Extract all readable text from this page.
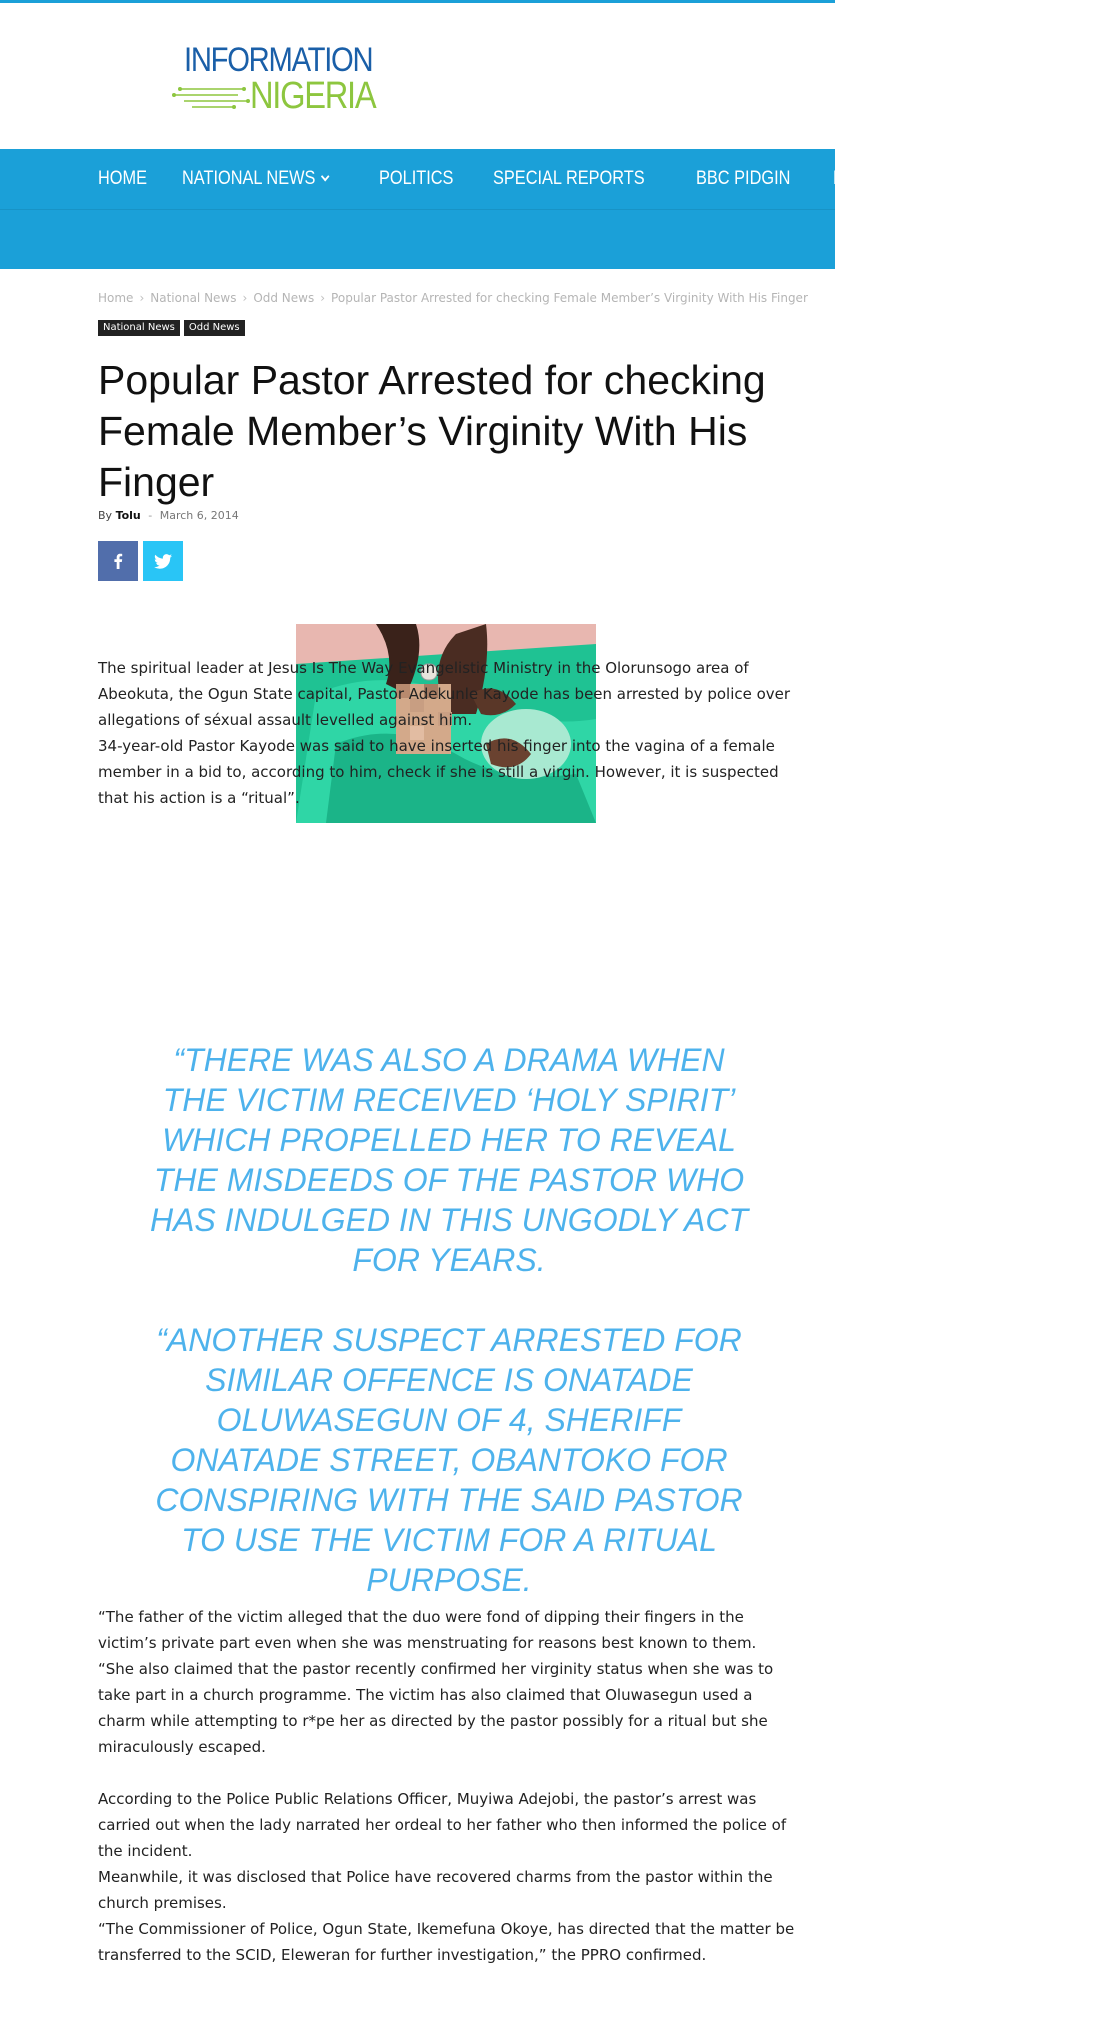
INFORMATION
NIGERIA
HOME NATIONAL NEWS	POLITICS SPECIAL REPORTS	BBC PIDGIN METRO NEWS	SPORTS
Home › National News › Odd News › Popular Pastor Arrested for checking Female Member’s Virginity With His Finger
National News	Odd News
Popular Pastor Arrested for checking Female Member’s Virginity With His Finger
By Tolu - March 6, 2014

The spiritual leader at Jesus Is The Way Evangelistic Ministry in the Olorunsogo area of Abeokuta, the Ogun State capital, Pastor Adekunle Kayode has been arrested by police over allegations of séxual assault levelled against him.

34-year-old Pastor Kayode was said to have inserted his finger into the vagina of a female member in a bid to, according to him, check if she is still a virgin. However, it is suspected that his action is a “ritual”.

“THERE WAS ALSO A DRAMA WHEN THE VICTIM RECEIVED ‘HOLY SPIRIT’ WHICH PROPELLED HER TO REVEAL THE MISDEEDS OF THE PASTOR WHO HAS INDULGED IN THIS UNGODLY ACT FOR YEARS.
“ANOTHER SUSPECT ARRESTED FOR SIMILAR OFFENCE IS ONATADE OLUWASEGUN OF 4, SHERIFF ONATADE STREET, OBANTOKO FOR CONSPIRING WITH THE SAID PASTOR TO USE THE VICTIM FOR A RITUAL PURPOSE.

“The father of the victim alleged that the duo were fond of dipping their fingers in the victim’s private part even when she was menstruating for reasons best known to them.

“She also claimed that the pastor recently confirmed her virginity status when she was to take part in a church programme. The victim has also claimed that Oluwasegun used a charm while attempting to r*pe her as directed by the pastor possibly for a ritual but she miraculously escaped.

According to the Police Public Relations Officer, Muyiwa Adejobi, the pastor’s arrest was carried out when the lady narrated her ordeal to her father who then informed the police of the incident.

Meanwhile, it was disclosed that Police have recovered charms from the pastor within the church premises.

“The Commissioner of Police, Ogun State, Ikemefuna Okoye, has directed that the matter be transferred to the SCID, Eleweran for further investigation,” the PPRO confirmed.
